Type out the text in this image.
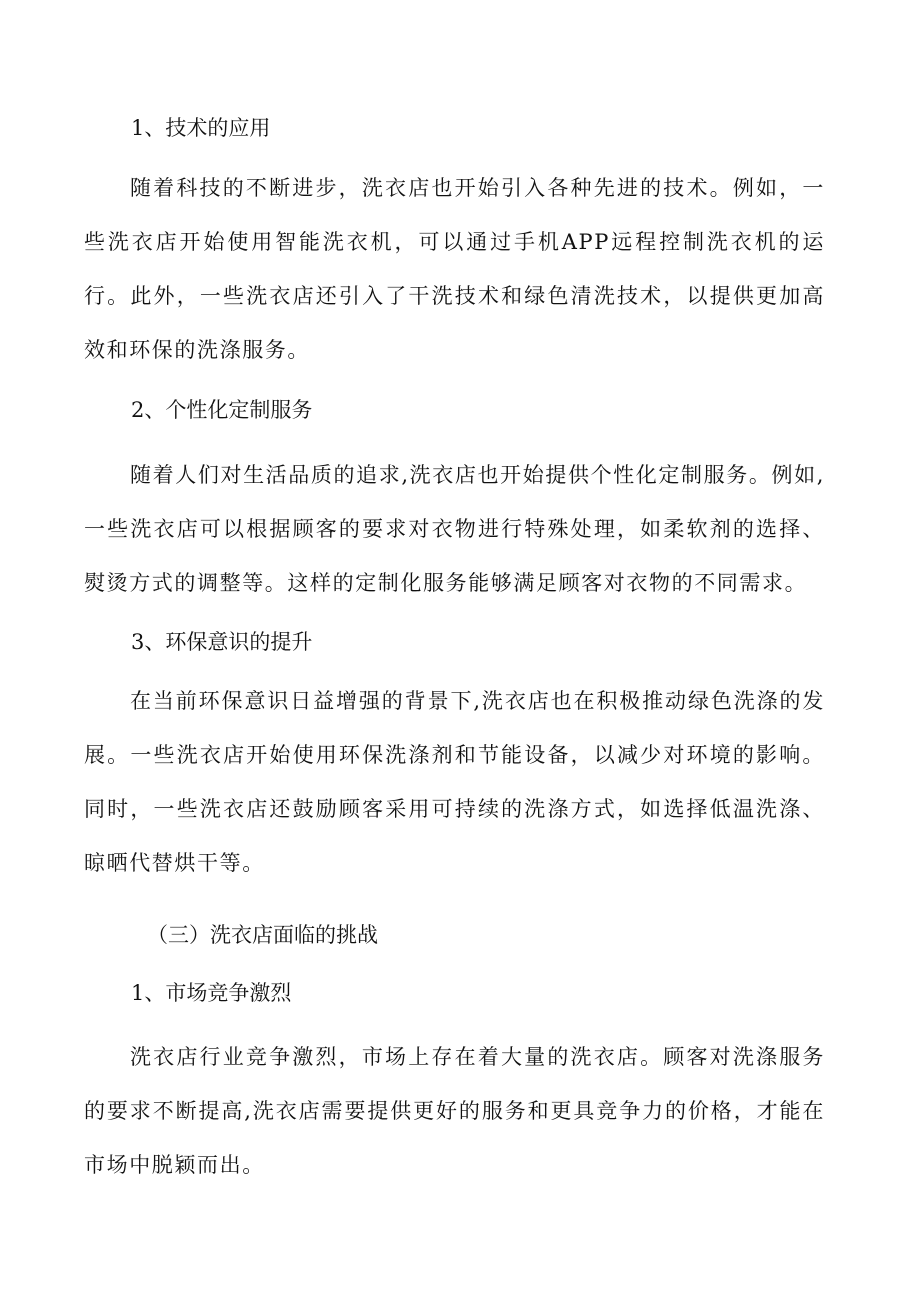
1、技术的应用

随着科技的不断进步，洗衣店也开始引入各种先进的技术。例如，一些洗衣店开始使用智能洗衣机，可以通过手机APP远程控制洗衣机的运行。此外，一些洗衣店还引入了干洗技术和绿色清洗技术，以提供更加高效和环保的洗涤服务。

2、个性化定制服务

随着人们对生活品质的追求,洗衣店也开始提供个性化定制服务。例如,一些洗衣店可以根据顾客的要求对衣物进行特殊处理，如柔软剂的选择、熨烫方式的调整等。这样的定制化服务能够满足顾客对衣物的不同需求。

3、环保意识的提升

在当前环保意识日益增强的背景下,洗衣店也在积极推动绿色洗涤的发展。一些洗衣店开始使用环保洗涤剂和节能设备，以减少对环境的影响。同时，一些洗衣店还鼓励顾客采用可持续的洗涤方式，如选择低温洗涤、晾晒代替烘干等。

（三）洗衣店面临的挑战
1、市场竞争激烈

洗衣店行业竞争激烈，市场上存在着大量的洗衣店。顾客对洗涤服务的要求不断提高,洗衣店需要提供更好的服务和更具竞争力的价格，才能在市场中脱颖而出。
